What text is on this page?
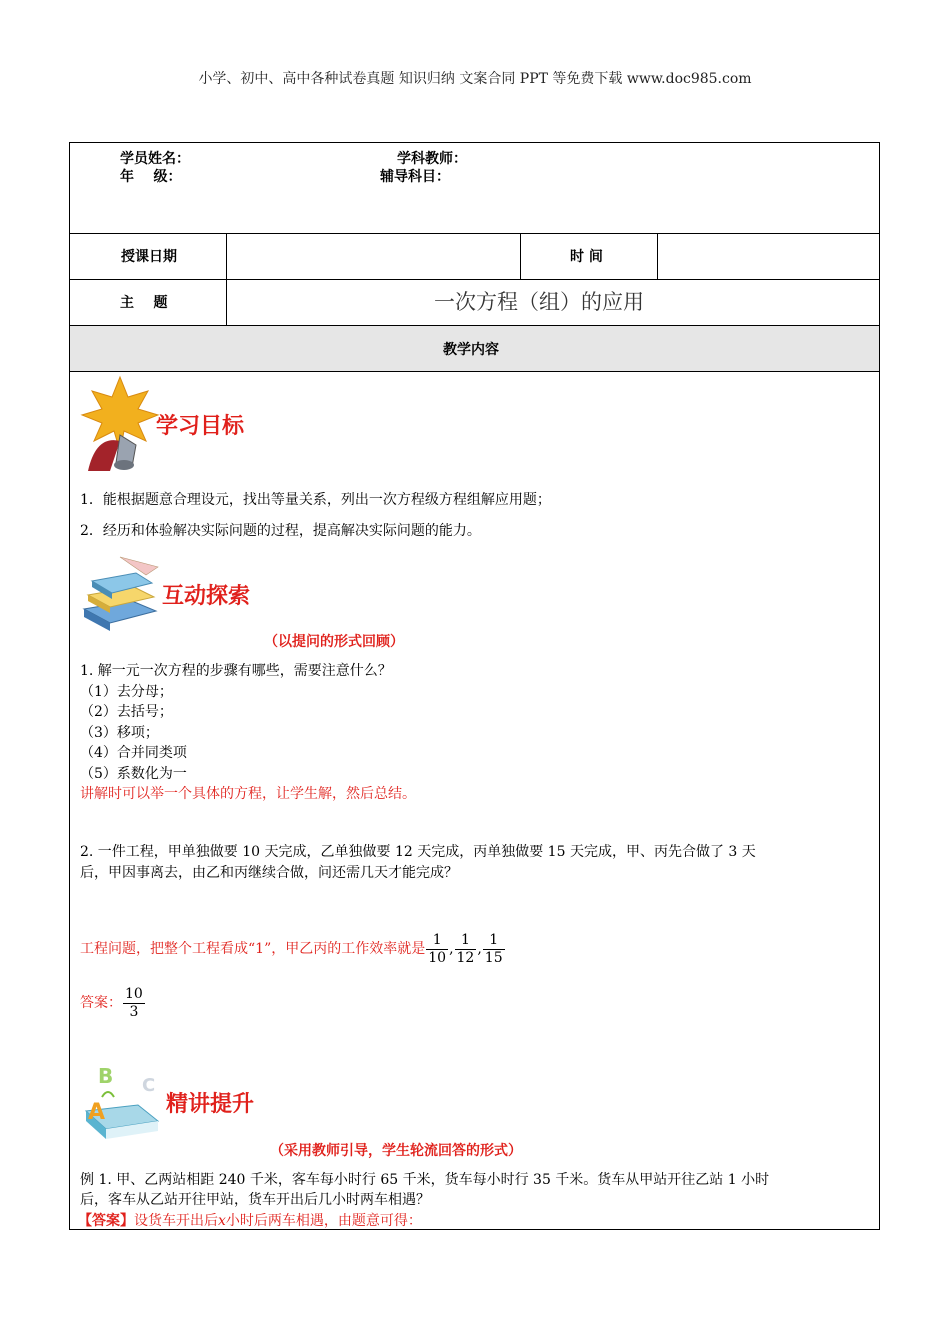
小学、初中、高中各种试卷真题 知识归纳 文案合同 PPT 等免费下载 www.doc985.com
学员姓名：	学科教师：
年    级：	辅导科目：
授课日期	时 间
主    题	一次方程（组）的应用
教学内容
学习目标
1．能根据题意合理设元，找出等量关系，列出一次方程级方程组解应用题；
2．经历和体验解决实际问题的过程，提高解决实际问题的能力。
互动探索
（以提问的形式回顾）
1. 解一元一次方程的步骤有哪些，需要注意什么？
（1）去分母；
（2）去括号；
（3）移项；
（4）合并同类项
（5）系数化为一
讲解时可以举一个具体的方程，让学生解，然后总结。
2. 一件工程，甲单独做要 10 天完成，乙单独做要 12 天完成，丙单独做要 15 天完成，甲、丙先合做了 3 天
后，甲因事离去，由乙和丙继续合做，问还需几天才能完成？
工程问题，把整个工程看成“1”，甲乙丙的工作效率就是 $\frac{1}{10}$ , $\frac{1}{12}$ , $\frac{1}{15}$
答案： $\frac{10}{3}$
B C
A	精讲提升
（采用教师引导，学生轮流回答的形式）
例 1. 甲、乙两站相距 240 千米，客车每小时行 65 千米，货车每小时行 35 千米。货车从甲站开往乙站 1 小时
后，客车从乙站开往甲站，货车开出后几小时两车相遇？
【答案】设货车开出后x小时后两车相遇，由题意可得：
